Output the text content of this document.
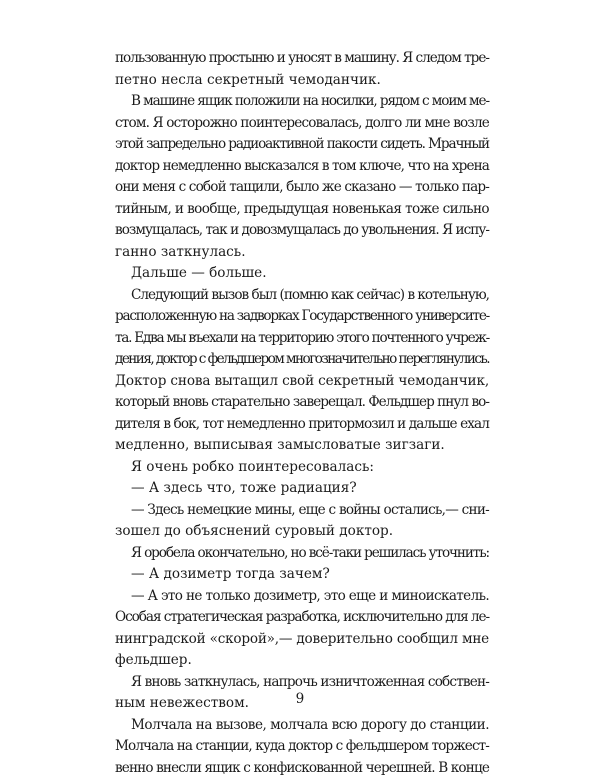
пользованную простыню и уносят в машину. Я следом тре-
петно несла секретный чемоданчик.
В машине ящик положили на носилки, рядом с моим ме-
стом. Я осторожно поинтересовалась, долго ли мне возле
этой запредельно радиоактивной пакости сидеть. Мрачный
доктор немедленно высказался в том ключе, что на хрена
они меня с собой тащили, было же сказано — только пар-
тийным, и вообще, предыдущая новенькая тоже сильно
возмущалась, так и довозмущалась до увольнения. Я испу-
ганно заткнулась.
Дальше — больше.
Следующий вызов был (помню как сейчас) в котельную,
расположенную на задворках Государственного университе-
та. Едва мы въехали на территорию этого почтенного учреж-
дения, доктор с фельдшером многозначительно переглянулись.
Доктор снова вытащил свой секретный чемоданчик,
который вновь старательно заверещал. Фельдшер пнул во-
дителя в бок, тот немедленно притормозил и дальше ехал
медленно, выписывая замысловатые зигзаги.
Я очень робко поинтересовалась:
— А здесь что, тоже радиация?
— Здесь немецкие мины, еще с войны остались,— сни-
зошел до объяснений суровый доктор.
Я оробела окончательно, но всё-таки решилась уточнить:
— А дозиметр тогда зачем?
— А это не только дозиметр, это еще и миноискатель.
Особая стратегическая разработка, исключительно для ле-
нинградской «скорой»,— доверительно сообщил мне
фельдшер.
Я вновь заткнулась, напрочь изничтоженная собствен-
ным невежеством.
Молчала на вызове, молчала всю дорогу до станции.
Молчала на станции, куда доктор с фельдшером торжест-
венно внесли ящик с конфискованной черешней. В конце
9
